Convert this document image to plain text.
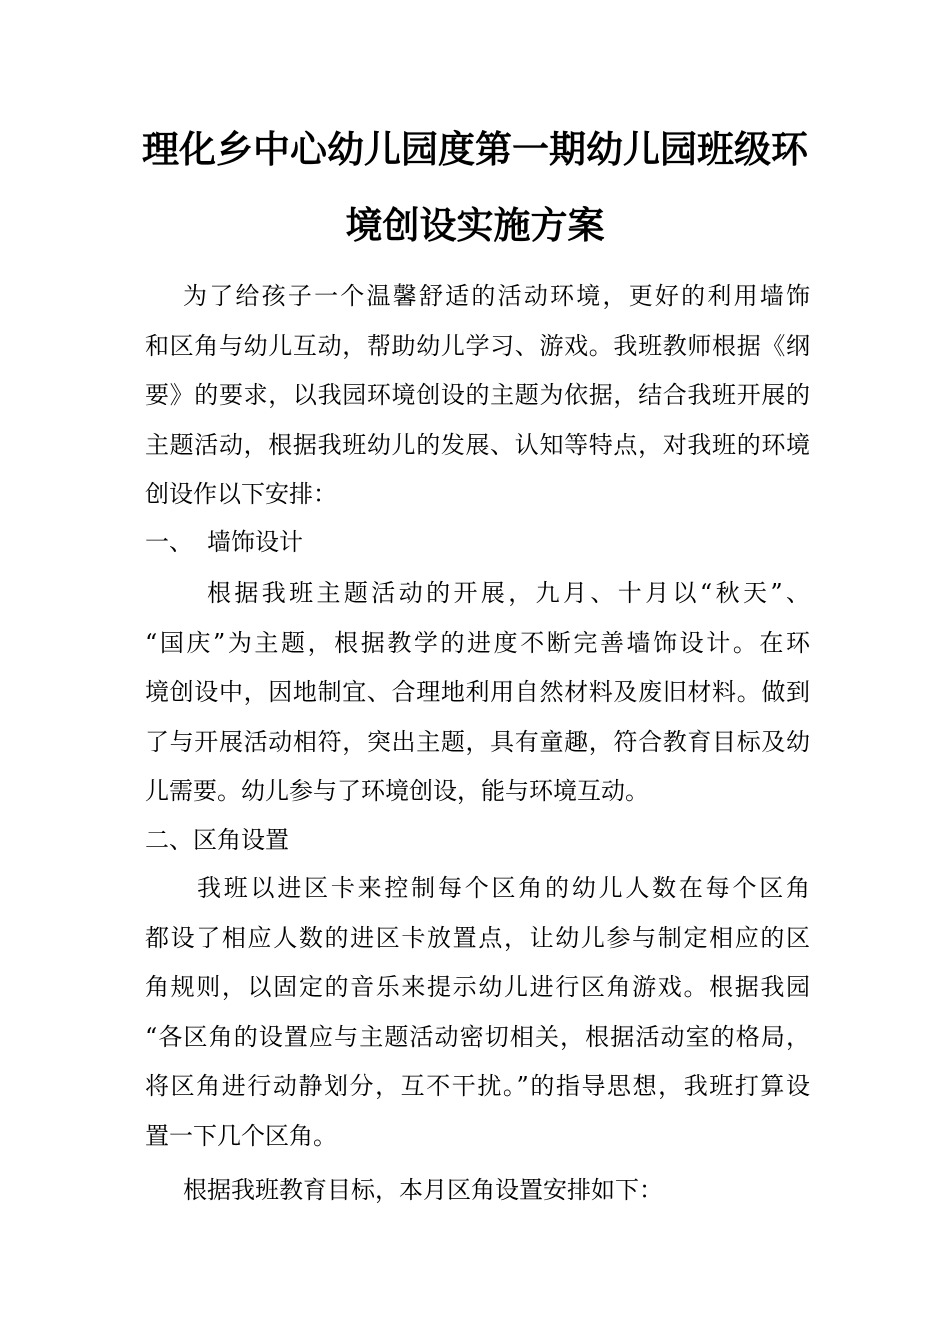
理化乡中心幼儿园度第一期幼儿园班级环
境创设实施方案
为了给孩子一个温馨舒适的活动环境，更好的利用墙饰
和区角与幼儿互动，帮助幼儿学习、游戏。我班教师根据《纲
要》的要求，以我园环境创设的主题为依据，结合我班开展的
主题活动，根据我班幼儿的发展、认知等特点，对我班的环境
创设作以下安排：
一、 墙饰设计
根据我班主题活动的开展，九月、十月以“秋天”、
“国庆”为主题，根据教学的进度不断完善墙饰设计。在环
境创设中，因地制宜、合理地利用自然材料及废旧材料。做到
了与开展活动相符，突出主题，具有童趣，符合教育目标及幼
儿需要。幼儿参与了环境创设，能与环境互动。
二、区角设置
我班以进区卡来控制每个区角的幼儿人数在每个区角
都设了相应人数的进区卡放置点，让幼儿参与制定相应的区
角规则，以固定的音乐来提示幼儿进行区角游戏。根据我园
“各区角的设置应与主题活动密切相关，根据活动室的格局，
将区角进行动静划分，互不干扰。”的指导思想，我班打算设
置一下几个区角。
根据我班教育目标，本月区角设置安排如下：
